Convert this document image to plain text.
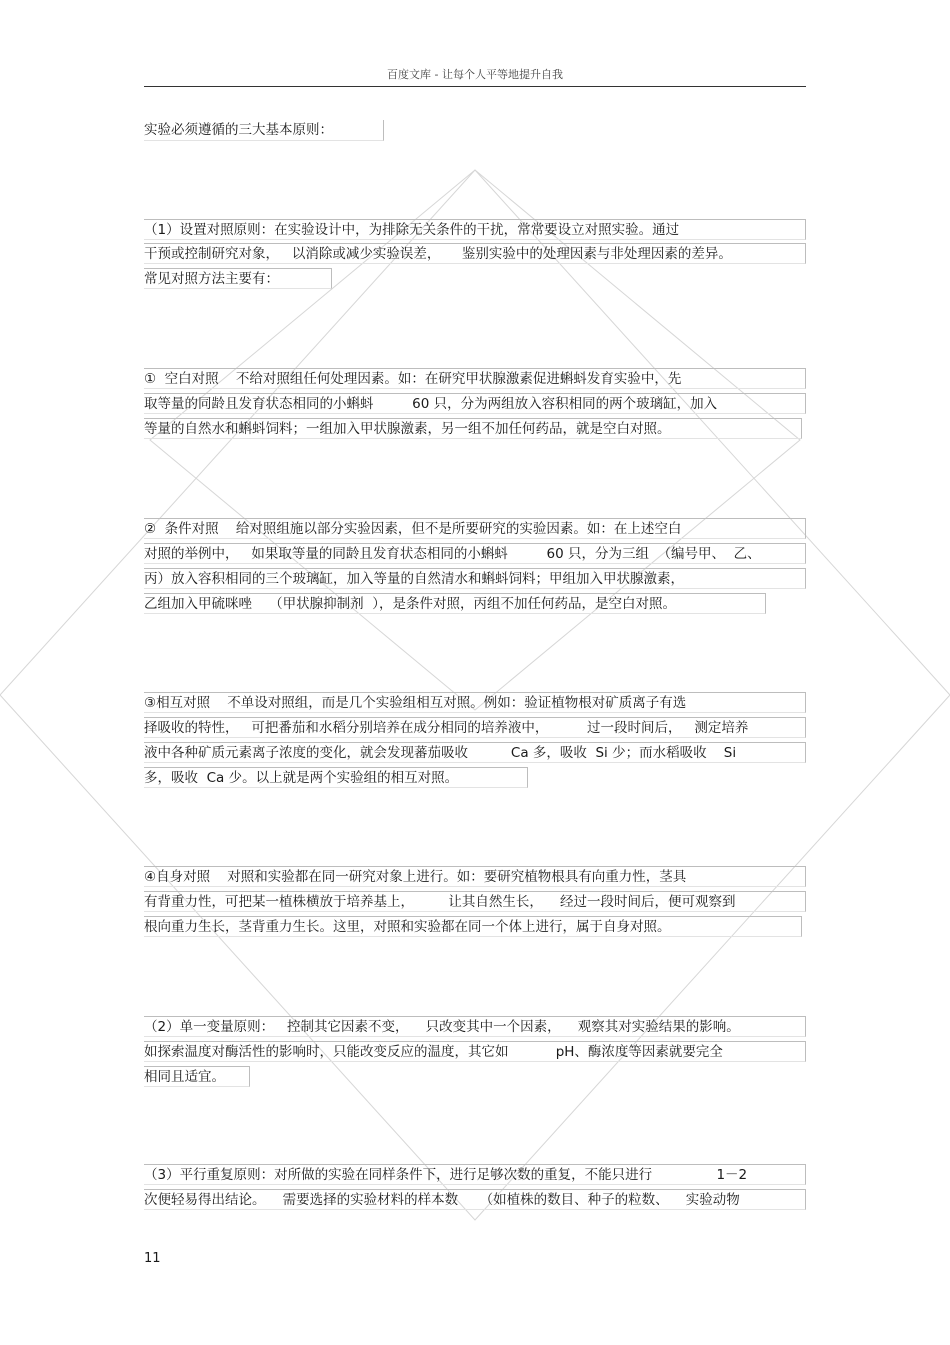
百度文库 - 让每个人平等地提升自我
实验必须遵循的三大基本原则：
（1）设置对照原则：在实验设计中，为排除无关条件的干扰，常常要设立对照实验。通过
干预或控制研究对象，   以消除或减少实验误差，     鉴别实验中的处理因素与非处理因素的差异。
常见对照方法主要有：
①  空白对照    不给对照组任何处理因素。如：在研究甲状腺激素促进蝌蚪发育实验中，先
取等量的同龄且发育状态相同的小蝌蚪         60 只，分为两组放入容积相同的两个玻璃缸，加入
等量的自然水和蝌蚪饲料；一组加入甲状腺激素，另一组不加任何药品，就是空白对照。
②  条件对照    给对照组施以部分实验因素，但不是所要研究的实验因素。如：在上述空白
对照的举例中，   如果取等量的同龄且发育状态相同的小蝌蚪         60 只，分为三组  （编号甲、  乙、
丙）放入容积相同的三个玻璃缸，加入等量的自然清水和蝌蚪饲料；甲组加入甲状腺激素，
乙组加入甲硫咪唑    （甲状腺抑制剂  ），是条件对照，丙组不加任何药品，是空白对照。
③相互对照    不单设对照组，而是几个实验组相互对照。例如：验证植物根对矿质离子有选
择吸收的特性，   可把番茄和水稻分别培养在成分相同的培养液中，         过一段时间后，   测定培养
液中各种矿质元素离子浓度的变化，就会发现蕃茄吸收          Ca 多，吸收  Si 少；而水稻吸收    Si
多，吸收  Ca 少。以上就是两个实验组的相互对照。
④自身对照    对照和实验都在同一研究对象上进行。如：要研究植物根具有向重力性，茎具
有背重力性，可把某一植株横放于培养基上，        让其自然生长，    经过一段时间后，便可观察到
根向重力生长，茎背重力生长。这里，对照和实验都在同一个体上进行，属于自身对照。
（2）单一变量原则：   控制其它因素不变，    只改变其中一个因素，    观察其对实验结果的影响。
如探索温度对酶活性的影响时，只能改变反应的温度，其它如           pH、酶浓度等因素就要完全
相同且适宜。
（3）平行重复原则：对所做的实验在同样条件下，进行足够次数的重复，不能只进行               1－2
次便轻易得出结论。    需要选择的实验材料的样本数     （如植株的数目、种子的粒数、    实验动物
11
